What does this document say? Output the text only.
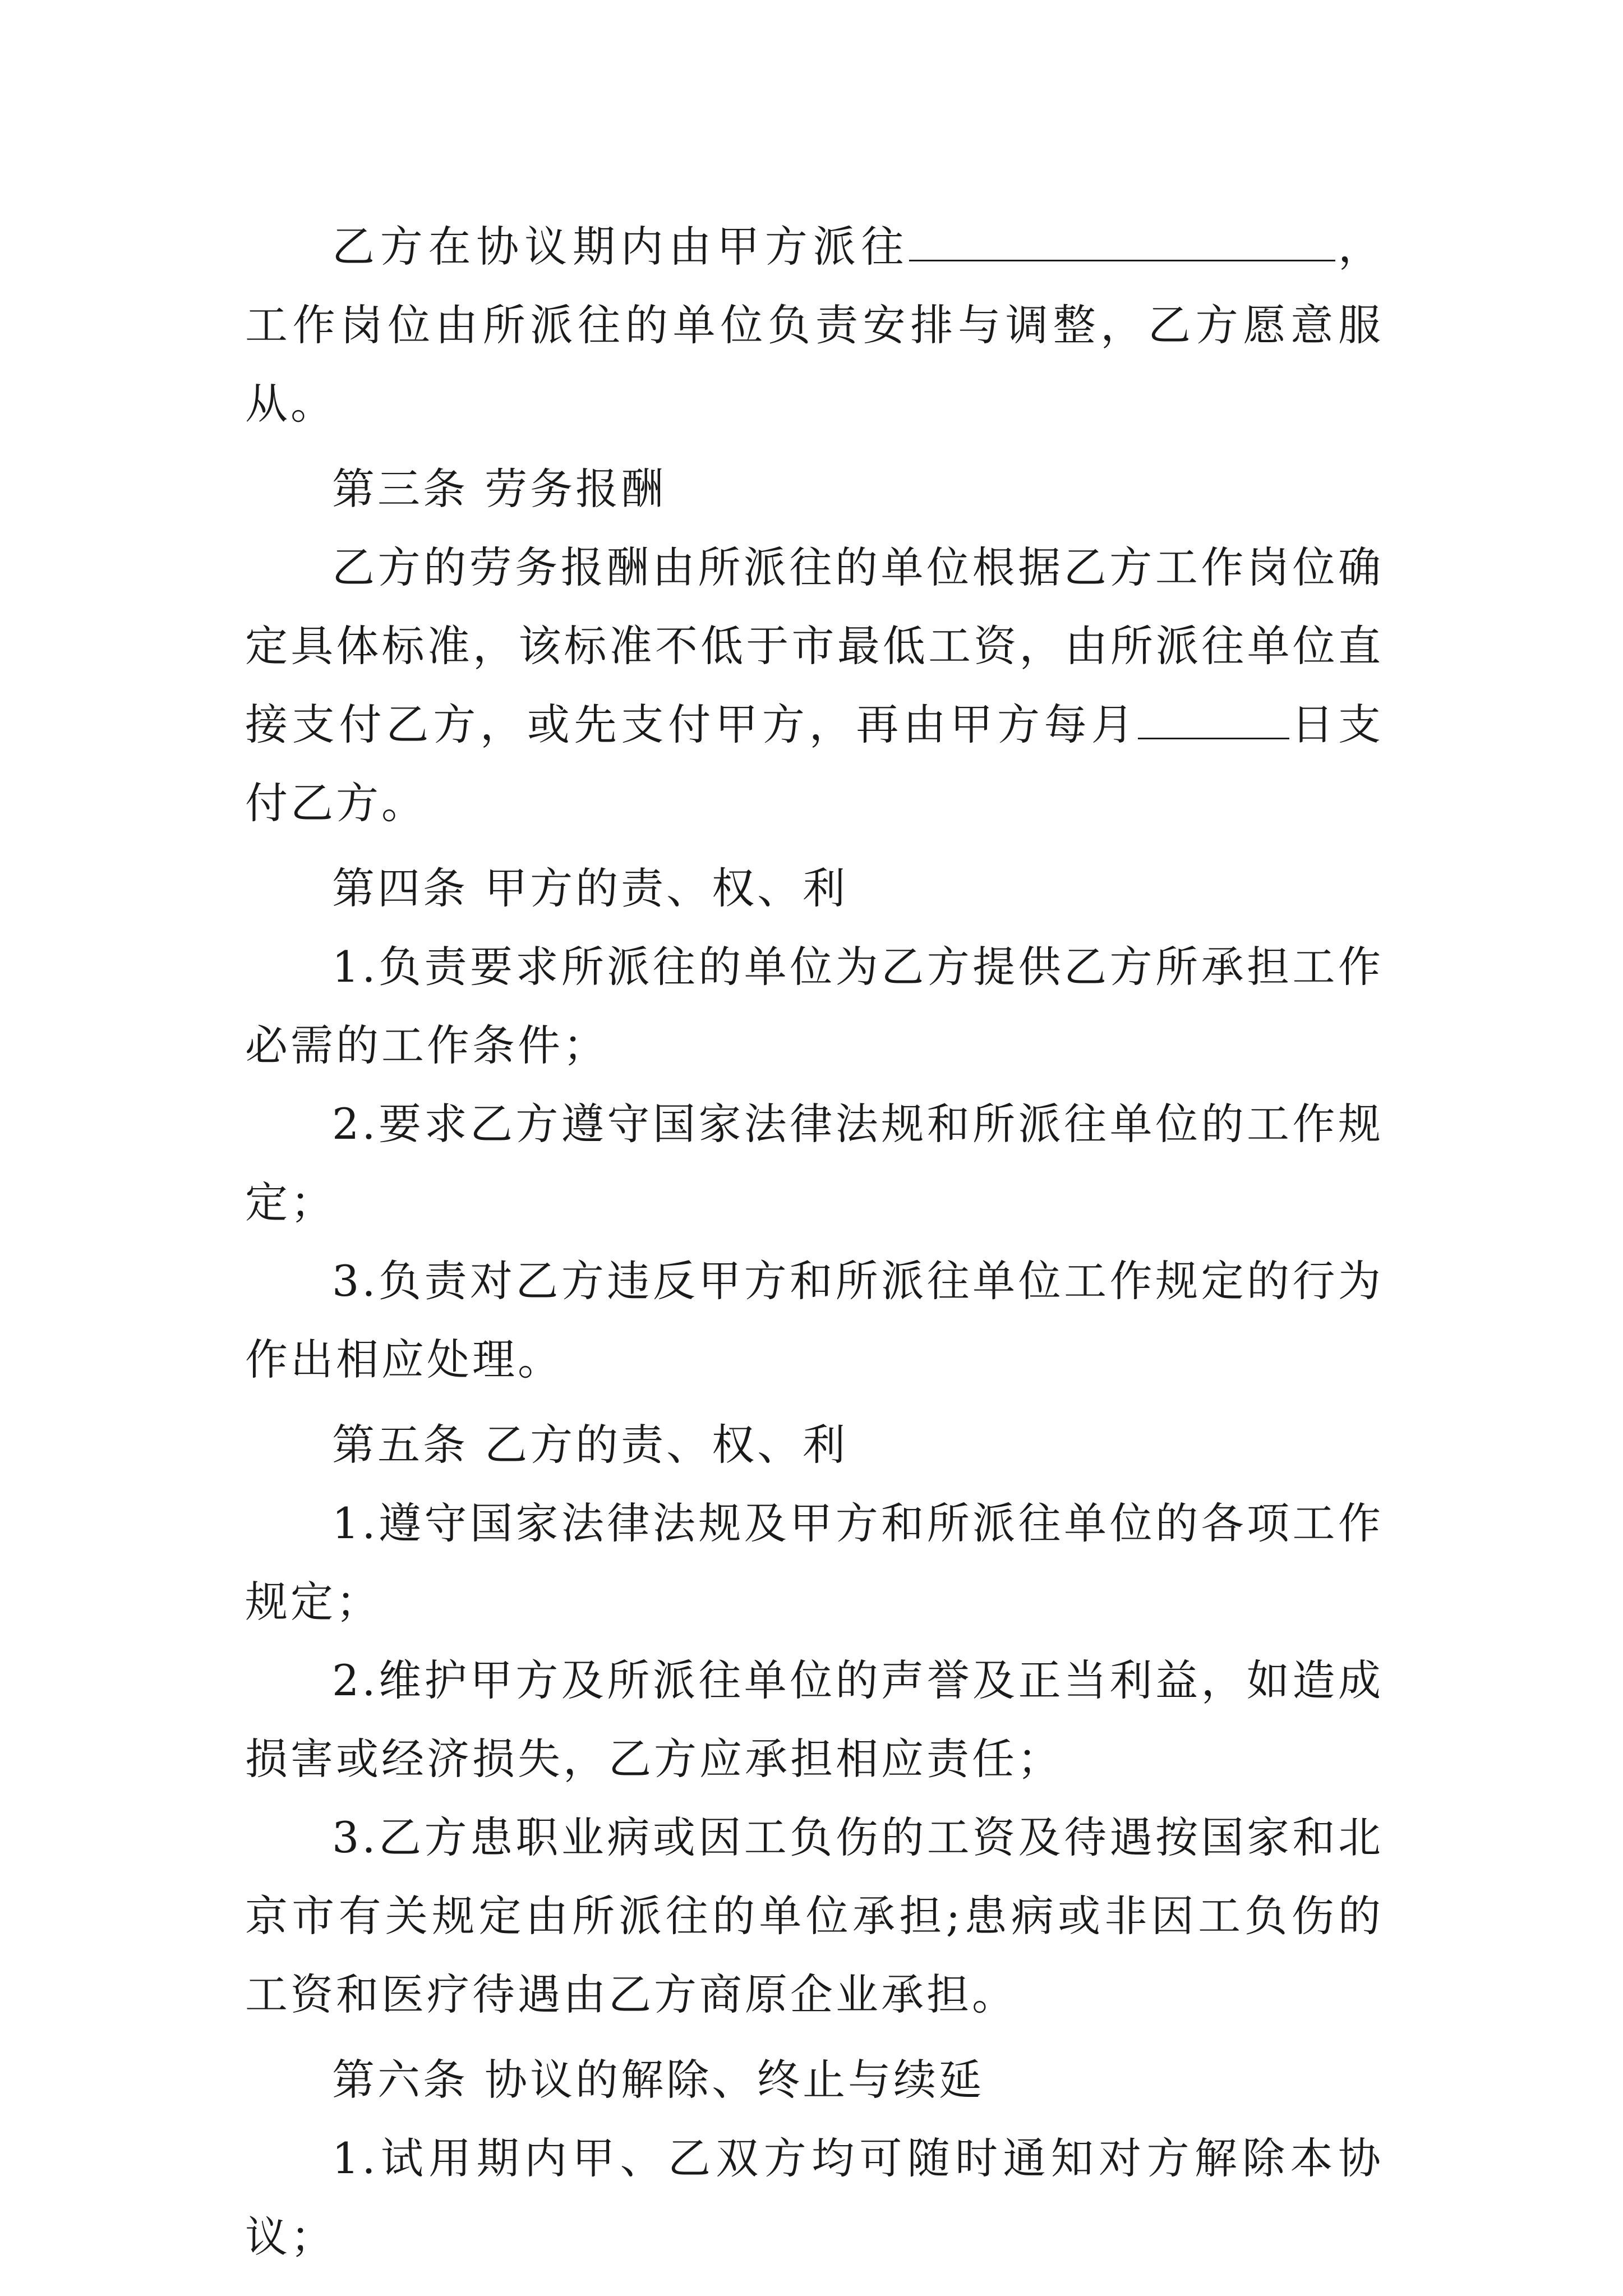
乙方在协议期内由甲方派往	，工作岗位由所派往的单位负责安排与调整，乙方愿意服从。

第三条 劳务报酬

乙方的劳务报酬由所派往的单位根据乙方工作岗位确定具体标准，该标准不低于市最低工资，由所派往单位直接支付乙方，或先支付甲方，再由甲方每月	日支付乙方。

第四条 甲方的责、权、利

1.负责要求所派往的单位为乙方提供乙方所承担工作必需的工作条件；

2.要求乙方遵守国家法律法规和所派往单位的工作规定；

3.负责对乙方违反甲方和所派往单位工作规定的行为作出相应处理。

第五条 乙方的责、权、利

1.遵守国家法律法规及甲方和所派往单位的各项工作规定；

2.维护甲方及所派往单位的声誉及正当利益，如造成损害或经济损失，乙方应承担相应责任；

3.乙方患职业病或因工负伤的工资及待遇按国家和北京市有关规定由所派往的单位承担;患病或非因工负伤的工资和医疗待遇由乙方商原企业承担。

第六条 协议的解除、终止与续延

1.试用期内甲、乙双方均可随时通知对方解除本协议；
